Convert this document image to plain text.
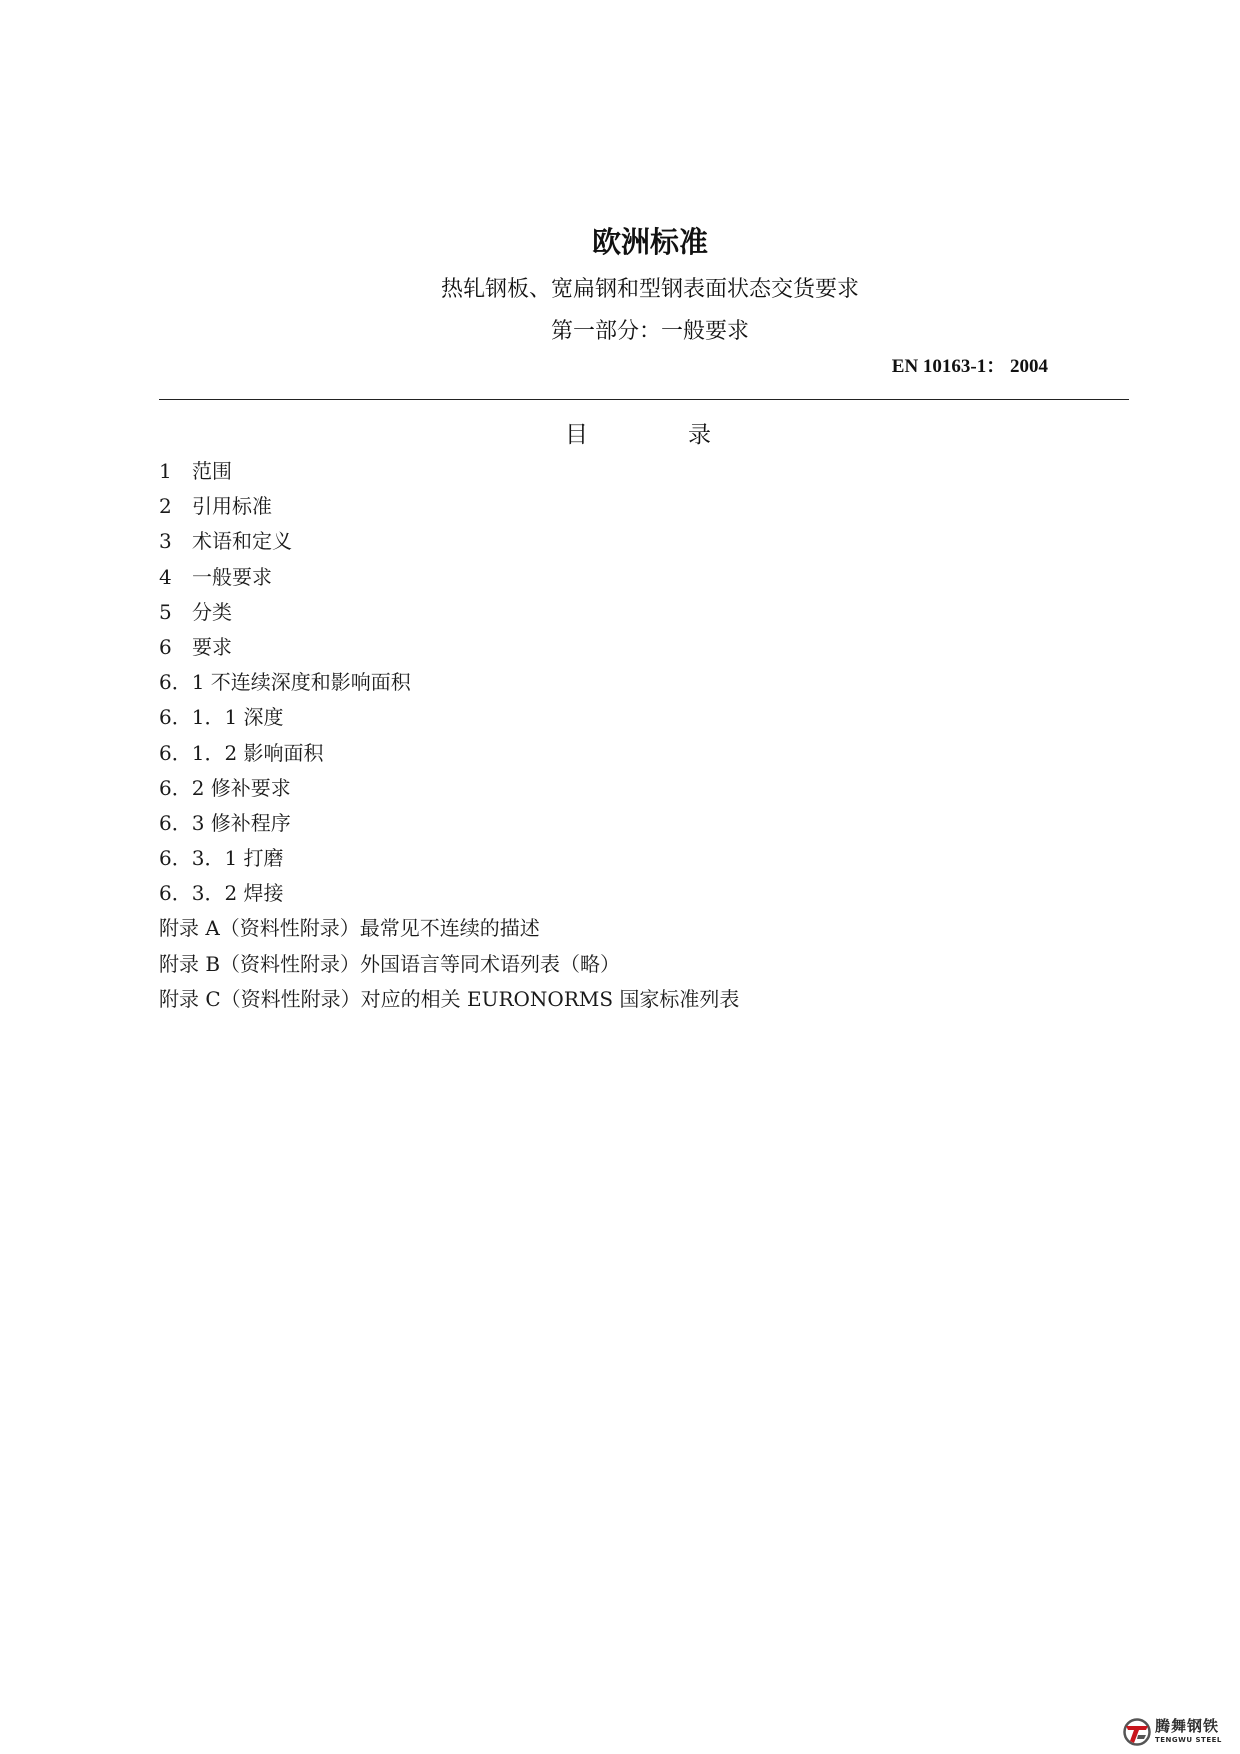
欧洲标准
热轧钢板、宽扁钢和型钢表面状态交货要求
第一部分：一般要求
EN 10163-1： 2004
目	录
1 范围
2 引用标准
3 术语和定义
4 一般要求
5 分类
6 要求
6．1 不连续深度和影响面积
6．1．1 深度
6．1．2 影响面积
6．2 修补要求
6．3 修补程序
6．3．1 打磨
6．3．2 焊接
附录 A（资料性附录）最常见不连续的描述
附录 B（资料性附录）外国语言等同术语列表（略）
附录 C（资料性附录）对应的相关 EURONORMS 国家标准列表
腾舞钢铁
TENGWU STEEL
